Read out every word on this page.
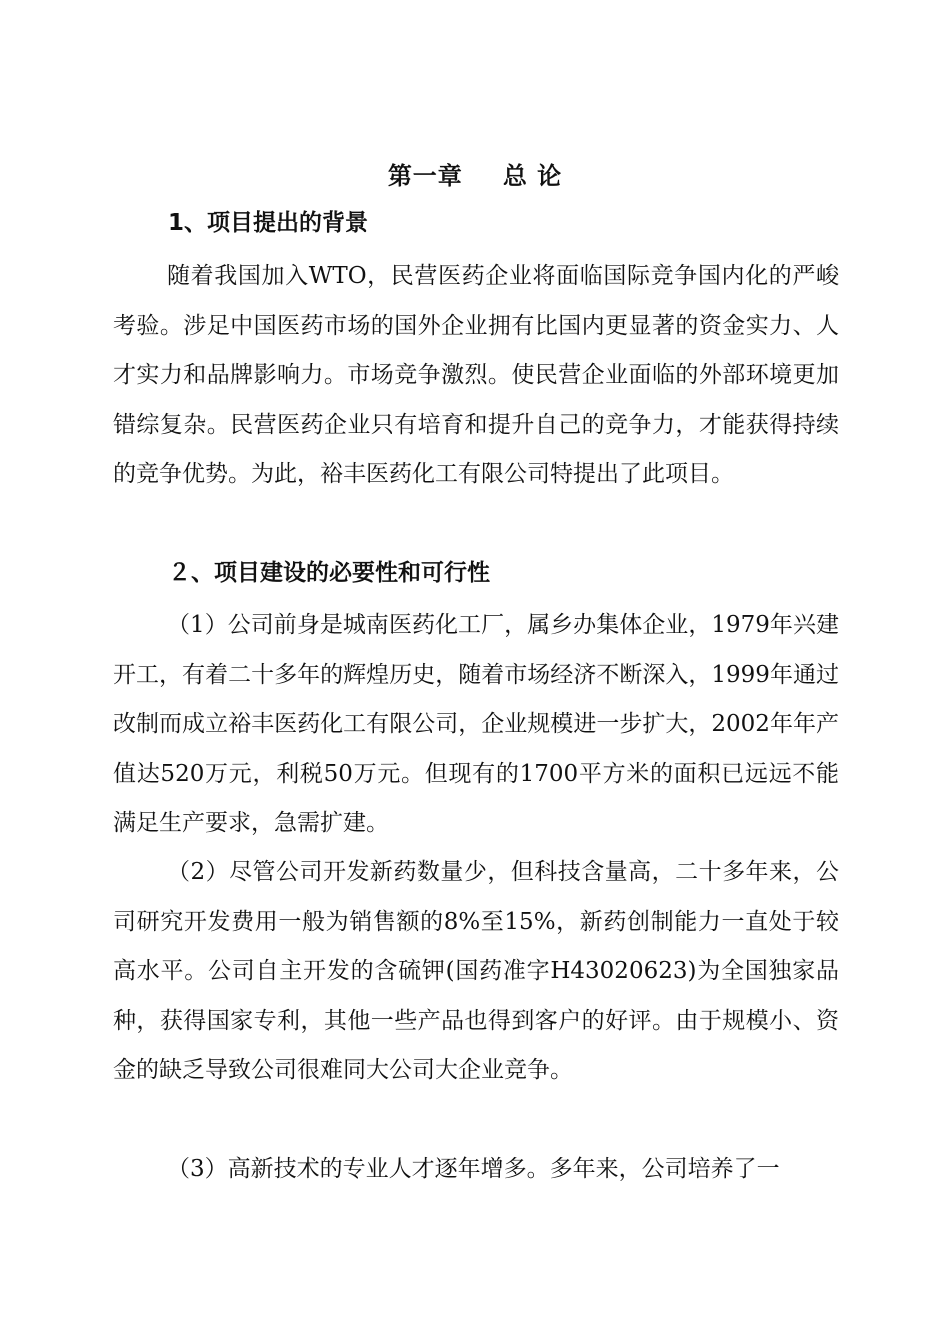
第一章 总 论
1、项目提出的背景

随着我国加入WTO，民营医药企业将面临国际竞争国内化的严峻考验。涉足中国医药市场的国外企业拥有比国内更显著的资金实力、人才实力和品牌影响力。市场竞争激烈。使民营企业面临的外部环境更加错综复杂。民营医药企业只有培育和提升自己的竞争力，才能获得持续的竞争优势。为此，裕丰医药化工有限公司特提出了此项目。

２、项目建设的必要性和可行性

（1）公司前身是城南医药化工厂，属乡办集体企业，1979年兴建开工，有着二十多年的辉煌历史，随着市场经济不断深入，1999年通过改制而成立裕丰医药化工有限公司，企业规模进一步扩大，2002年年产值达520万元，利税50万元。但现有的1700平方米的面积已远远不能满足生产要求，急需扩建。

（2）尽管公司开发新药数量少，但科技含量高，二十多年来，公司研究开发费用一般为销售额的8%至15%，新药创制能力一直处于较高水平。公司自主开发的含硫钾(国药准字H43020623)为全国独家品种，获得国家专利，其他一些产品也得到客户的好评。由于规模小、资金的缺乏导致公司很难同大公司大企业竞争。

（3）高新技术的专业人才逐年增多。多年来，公司培养了一
